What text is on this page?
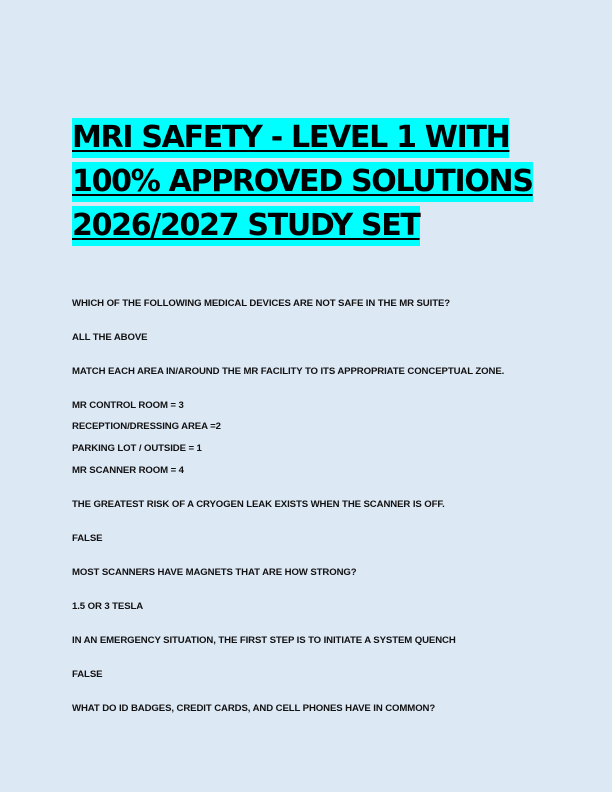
MRI SAFETY - LEVEL 1 WITH
100% APPROVED SOLUTIONS
2026/2027 STUDY SET

WHICH OF THE FOLLOWING MEDICAL DEVICES ARE NOT SAFE IN THE MR SUITE?

ALL THE ABOVE

MATCH EACH AREA IN/AROUND THE MR FACILITY TO ITS APPROPRIATE CONCEPTUAL ZONE.

MR CONTROL ROOM = 3

RECEPTION/DRESSING AREA =2

PARKING LOT / OUTSIDE = 1

MR SCANNER ROOM = 4

THE GREATEST RISK OF A CRYOGEN LEAK EXISTS WHEN THE SCANNER IS OFF.

FALSE

MOST SCANNERS HAVE MAGNETS THAT ARE HOW STRONG?

1.5 OR 3 TESLA

IN AN EMERGENCY SITUATION, THE FIRST STEP IS TO INITIATE A SYSTEM QUENCH

FALSE

WHAT DO ID BADGES, CREDIT CARDS, AND CELL PHONES HAVE IN COMMON?
